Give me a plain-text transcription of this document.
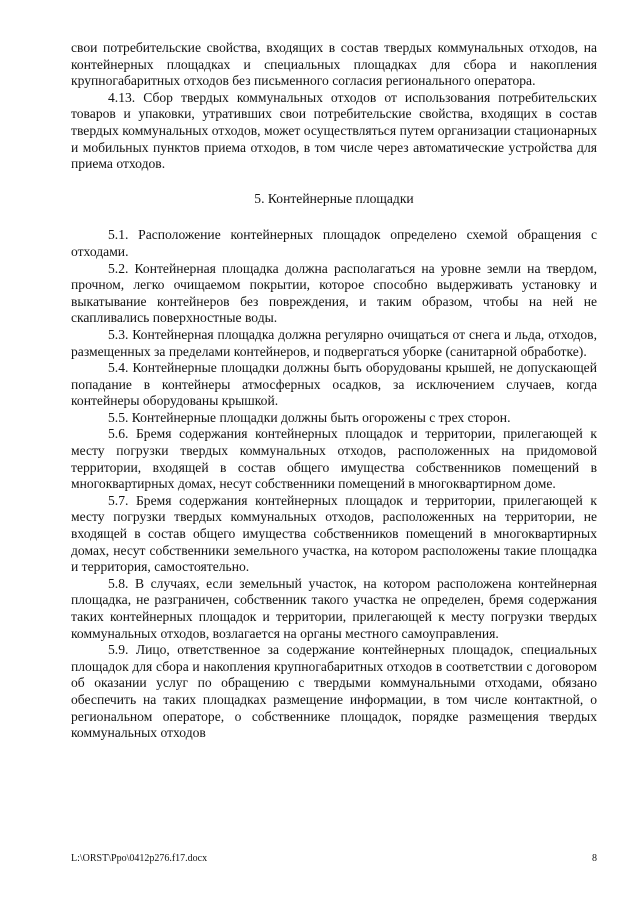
свои потребительские свойства, входящих в состав твердых коммунальных отходов, на контейнерных площадках и специальных площадках для сбора и накопления крупногабаритных отходов без письменного согласия регионального оператора.

4.13. Сбор твердых коммунальных отходов от использования потребительских товаров и упаковки, утративших свои потребительские свойства, входящих в состав твердых коммунальных отходов, может осуществляться путем организации стационарных и мобильных пунктов приема отходов, в том числе через автоматические устройства для приема отходов.

5. Контейнерные площадки

5.1. Расположение контейнерных площадок определено схемой обращения с отходами.

5.2. Контейнерная площадка должна располагаться на уровне земли на твердом, прочном, легко очищаемом покрытии, которое способно выдерживать установку и выкатывание контейнеров без повреждения, и таким образом, чтобы на ней не скапливались поверхностные воды.

5.3. Контейнерная площадка должна регулярно очищаться от снега и льда, отходов, размещенных за пределами контейнеров, и подвергаться уборке (санитарной обработке).

5.4. Контейнерные площадки должны быть оборудованы крышей, не допускающей попадание в контейнеры атмосферных осадков, за исключением случаев, когда контейнеры оборудованы крышкой.

5.5. Контейнерные площадки должны быть огорожены с трех сторон.

5.6. Бремя содержания контейнерных площадок и территории, прилегающей к месту погрузки твердых коммунальных отходов, расположенных на придомовой территории, входящей в состав общего имущества собственников помещений в многоквартирных домах, несут собственники помещений в многоквартирном доме.

5.7. Бремя содержания контейнерных площадок и территории, прилегающей к месту погрузки твердых коммунальных отходов, расположенных на территории, не входящей в состав общего имущества собственников помещений в многоквартирных домах, несут собственники земельного участка, на котором расположены такие площадка и территория, самостоятельно.

5.8. В случаях, если земельный участок, на котором расположена контейнерная площадка, не разграничен, собственник такого участка не определен, бремя содержания таких контейнерных площадок и территории, прилегающей к месту погрузки твердых коммунальных отходов, возлагается на органы местного самоуправления.

5.9. Лицо, ответственное за содержание контейнерных площадок, специальных площадок для сбора и накопления крупногабаритных отходов в соответствии с договором об оказании услуг по обращению с твердыми коммунальными отходами, обязано обеспечить на таких площадках размещение информации, в том числе контактной, о региональном операторе, о собственнике площадок, порядке размещения твердых коммунальных отходов

L:\ORST\Ppo\0412p276.f17.docx	8
